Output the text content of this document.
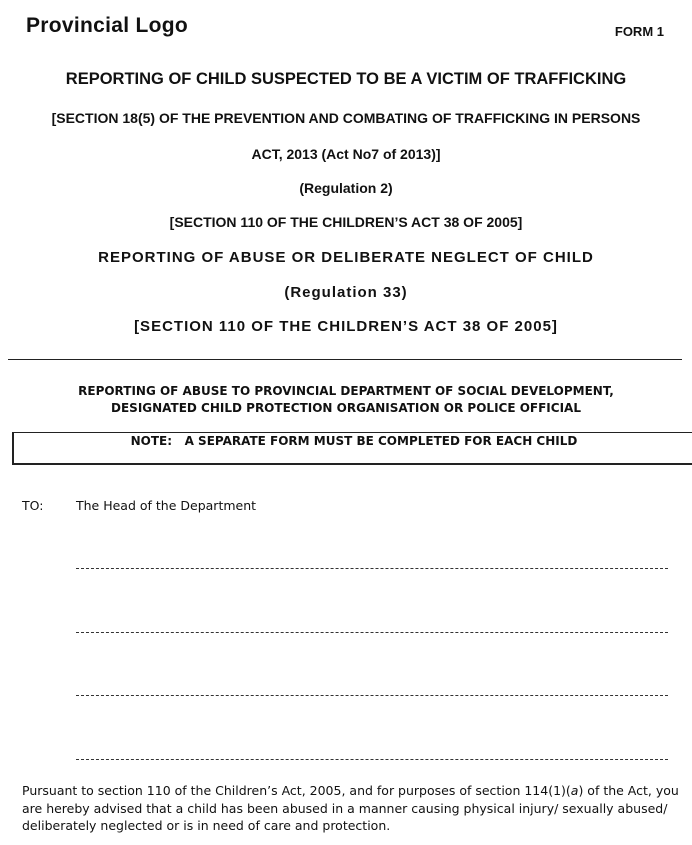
Provincial Logo	FORM 1
REPORTING OF CHILD SUSPECTED TO BE A VICTIM OF TRAFFICKING
[SECTION 18(5) OF THE PREVENTION AND COMBATING OF TRAFFICKING IN PERSONS
ACT, 2013 (Act No7 of 2013)]
(Regulation 2)
[SECTION 110 OF THE CHILDREN’S ACT 38 OF 2005]
REPORTING OF ABUSE OR DELIBERATE NEGLECT OF CHILD
(Regulation 33)
[SECTION 110 OF THE CHILDREN’S ACT 38 OF 2005]
REPORTING OF ABUSE TO PROVINCIAL DEPARTMENT OF SOCIAL DEVELOPMENT,
DESIGNATED CHILD PROTECTION ORGANISATION OR POLICE OFFICIAL
NOTE:   A SEPARATE FORM MUST BE COMPLETED FOR EACH CHILD
TO:	The Head of the Department
Pursuant to section 110 of the Children’s Act, 2005, and for purposes of section 114(1)(a) of the Act, you are hereby advised that a child has been abused in a manner causing physical injury/ sexually abused/ deliberately neglected or is in need of care and protection.
